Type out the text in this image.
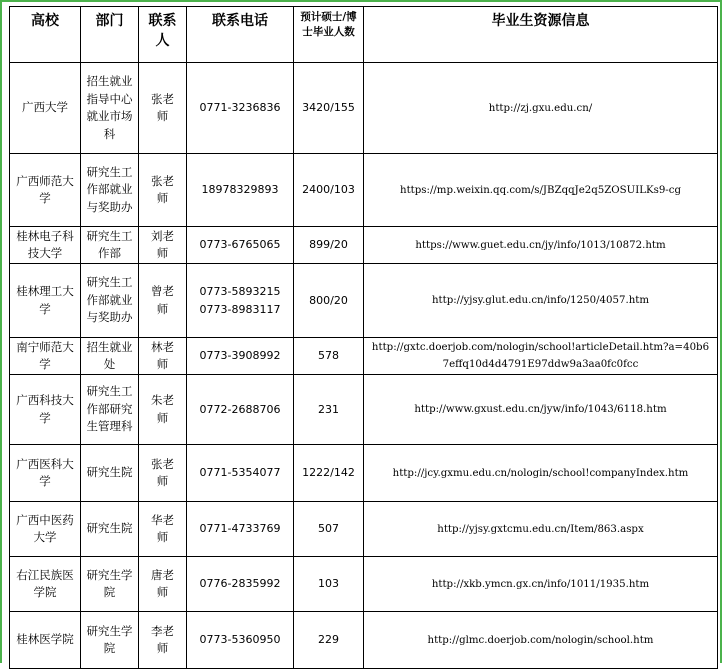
高校	部门	联系人	联系电话	预计硕士/博士毕业人数	毕业生资源信息
广西大学	招生就业指导中心就业市场科	张老师	0771-3236836	3420/155	http://zj.gxu.edu.cn/
广西师范大学	研究生工作部就业与奖助办	张老师	18978329893	2400/103	https://mp.weixin.qq.com/s/JBZqqJe2q5ZOSUILKs9-cg
桂林电子科技大学	研究生工作部	刘老师	0773-6765065	899/20	https://www.guet.edu.cn/jy/info/1013/10872.htm
桂林理工大学	研究生工作部就业与奖助办	曾老师	0773-5893215 0773-8983117	800/20	http://yjsy.glut.edu.cn/info/1250/4057.htm
南宁师范大学	招生就业处	林老师	0773-3908992	578	http://gxtc.doerjob.com/nologin/school!articleDetail.htm?a=40b67effq10d4d4791E97ddw9a3aa0fc0fcc
广西科技大学	研究生工作部研究生管理科	朱老师	0772-2688706	231	http://www.gxust.edu.cn/jyw/info/1043/6118.htm
广西医科大学	研究生院	张老师	0771-5354077	1222/142	http://jcy.gxmu.edu.cn/nologin/school!companyIndex.htm
广西中医药大学	研究生院	华老师	0771-4733769	507	http://yjsy.gxtcmu.edu.cn/Item/863.aspx
右江民族医学院	研究生学院	唐老师	0776-2835992	103	http://xkb.ymcn.gx.cn/info/1011/1935.htm
桂林医学院	研究生学院	李老师	0773-5360950	229	http://glmc.doerjob.com/nologin/school.htm
